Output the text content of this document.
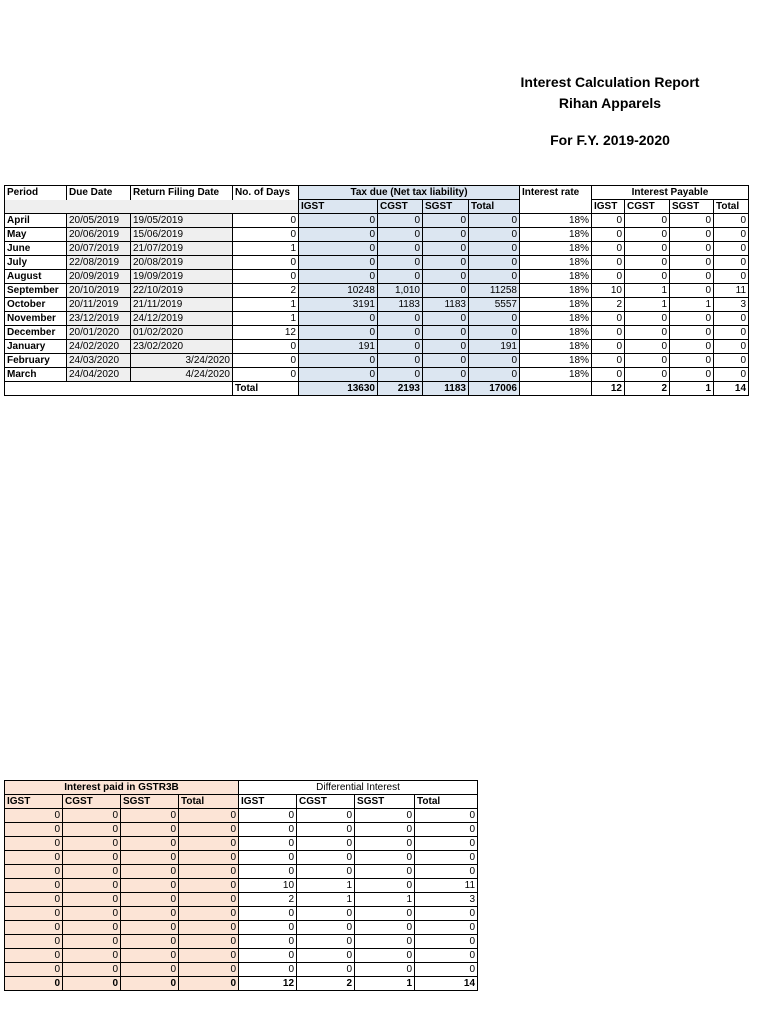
Interest Calculation Report
Rihan Apparels
For F.Y. 2019-2020
Period	Due Date	Return Filing Date	No. of Days	Tax due (Net tax liability)				Interest rate	Interest Payable			
				IGST	CGST	SGST	Total		IGST	CGST	SGST	Total
April	20/05/2019	19/05/2019	0	0	0	0	0	18%	0	0	0	0
May	20/06/2019	15/06/2019	0	0	0	0	0	18%	0	0	0	0
June	20/07/2019	21/07/2019	1	0	0	0	0	18%	0	0	0	0
July	22/08/2019	20/08/2019	0	0	0	0	0	18%	0	0	0	0
August	20/09/2019	19/09/2019	0	0	0	0	0	18%	0	0	0	0
September	20/10/2019	22/10/2019	2	10248	1,010	0	11258	18%	10	1	0	11
October	20/11/2019	21/11/2019	1	3191	1183	1183	5557	18%	2	1	1	3
November	23/12/2019	24/12/2019	1	0	0	0	0	18%	0	0	0	0
December	20/01/2020	01/02/2020	12	0	0	0	0	18%	0	0	0	0
January	24/02/2020	23/02/2020	0	191	0	0	191	18%	0	0	0	0
February	24/03/2020	3/24/2020	0	0	0	0	0	18%	0	0	0	0
March	24/04/2020	4/24/2020	0	0	0	0	0	18%	0	0	0	0
			Total	13630	2193	1183	17006		12	2	1	14
Interest paid in GSTR3B				Differential Interest			
IGST	CGST	SGST	Total	IGST	CGST	SGST	Total
0	0	0	0	0	0	0	0
0	0	0	0	0	0	0	0
0	0	0	0	0	0	0	0
0	0	0	0	0	0	0	0
0	0	0	0	0	0	0	0
0	0	0	0	10	1	0	11
0	0	0	0	2	1	1	3
0	0	0	0	0	0	0	0
0	0	0	0	0	0	0	0
0	0	0	0	0	0	0	0
0	0	0	0	0	0	0	0
0	0	0	0	0	0	0	0
0	0	0	0	12	2	1	14
